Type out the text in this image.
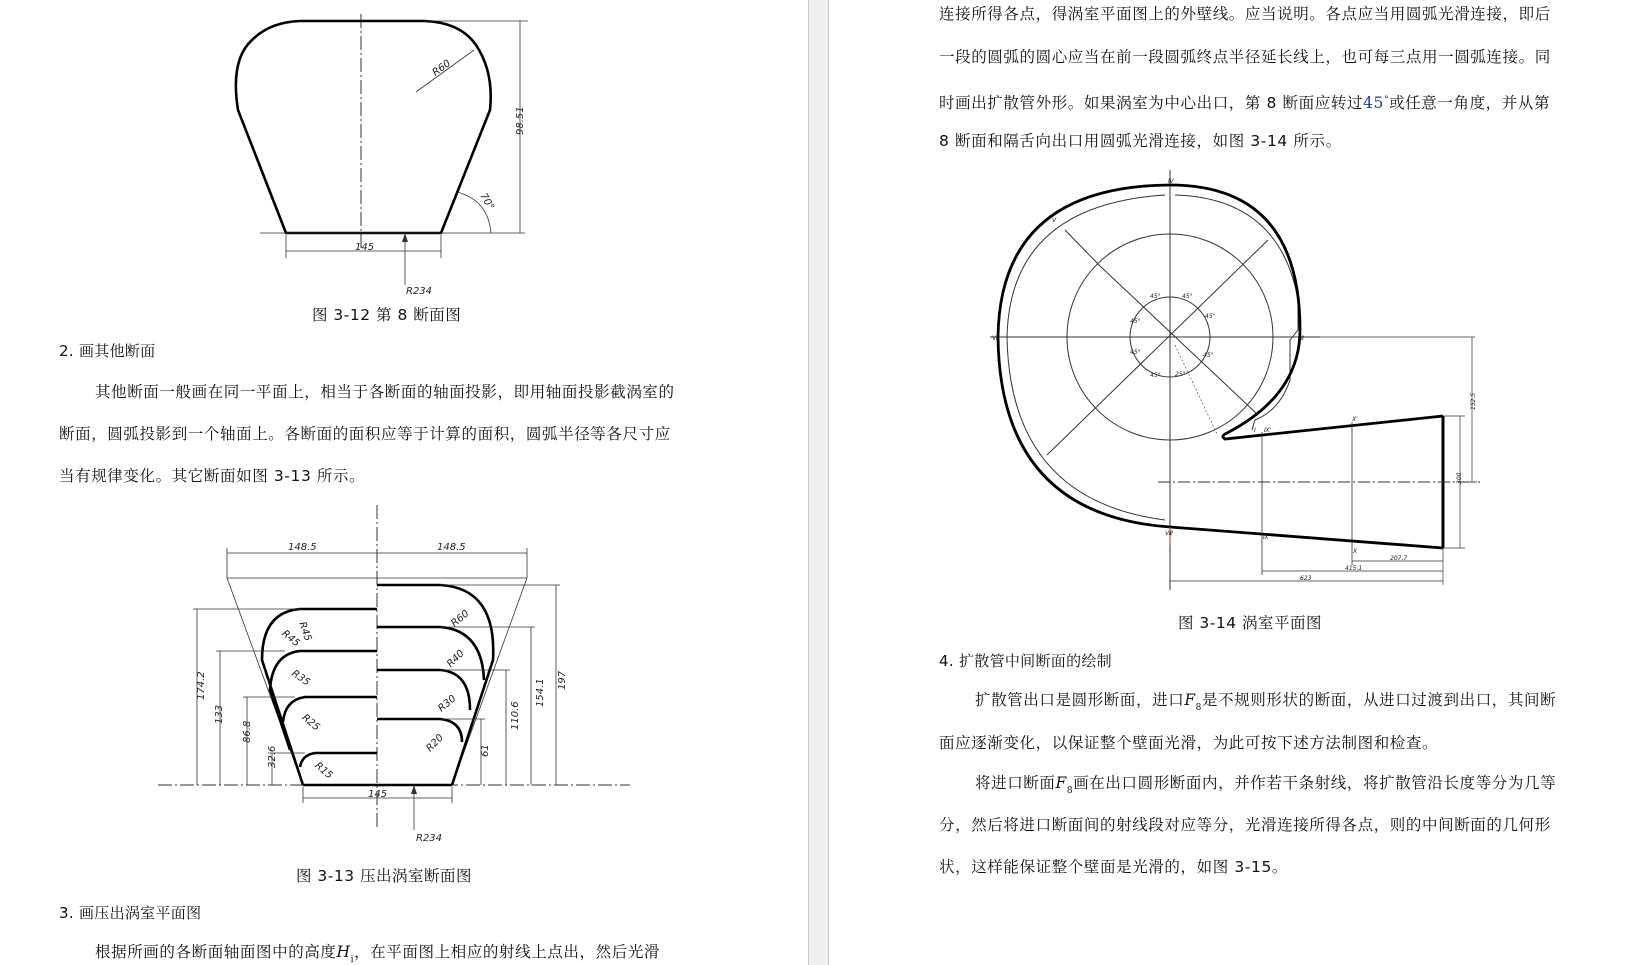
R60
98.51
70°
145
R234
图 3-12 第 8 断面图
2. 画其他断面
其他断面一般画在同一平面上，相当于各断面的轴面投影，即用轴面投影截涡室的
断面，圆弧投影到一个轴面上。各断面的面积应等于计算的面积，圆弧半径等各尺寸应
当有规律变化。其它断面如图 3-13 所示。
148.5	148.5
174.2
133
86.8
32.6
197
154.1
110.6
61
R45
R45
R35
R25
R15
R60
R40
R30
R20
145
R234
图 3-13 压出涡室断面图
3. 画压出涡室平面图
根据所画的各断面轴面图中的高度$H_i$，在平面图上相应的射线上点出，然后光滑
连接所得各点，得涡室平面图上的外壁线。应当说明。各点应当用圆弧光滑连接，即后
一段的圆弧的圆心应当在前一段圆弧终点半径延长线上，也可每三点用一圆弧连接。同
时画出扩散管外形。如果涡室为中心出口，第 8 断面应转过45°或任意一角度，并从第
8 断面和隔舌向出口用圆弧光滑连接，如图 3-14 所示。
207.7
415.1
623
300
152.5
Ⅰ
Ⅱ
Ⅳ
Ⅴ
Ⅵ
Ⅷ
Ⅸ
Ⅸ'
Ⅹ
Ⅹ'
45°	45°
45°
45°
45°
45°
45°
25°
图 3-14 涡室平面图
4. 扩散管中间断面的绘制
扩散管出口是圆形断面，进口$F_8$是不规则形状的断面，从进口过渡到出口，其间断
面应逐渐变化，以保证整个壁面光滑，为此可按下述方法制图和检查。
将进口断面$F_8$画在出口圆形断面内，并作若干条射线，将扩散管沿长度等分为几等
分，然后将进口断面间的射线段对应等分，光滑连接所得各点，则的中间断面的几何形
状，这样能保证整个壁面是光滑的，如图 3-15。
